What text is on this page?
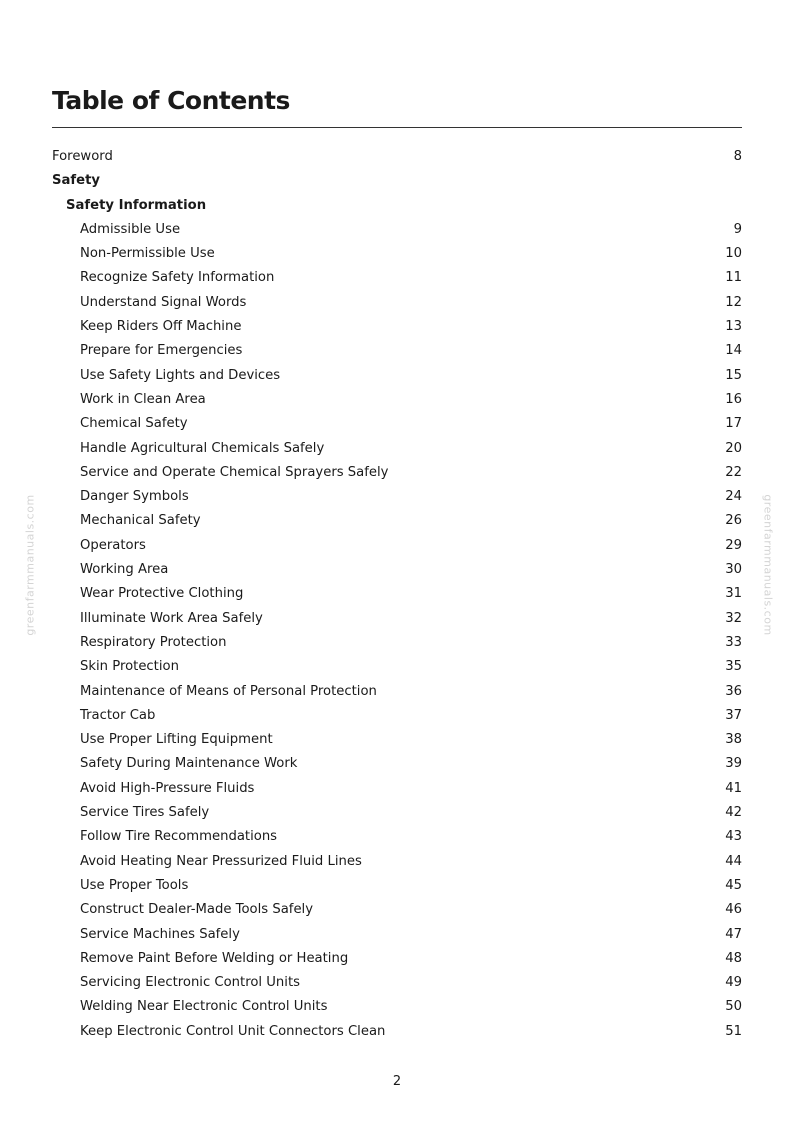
Table of Contents
Foreword	8
Safety
Safety Information
Admissible Use	9
Non-Permissible Use	10
Recognize Safety Information	11
Understand Signal Words	12
Keep Riders Off Machine	13
Prepare for Emergencies	14
Use Safety Lights and Devices	15
Work in Clean Area	16
Chemical Safety	17
Handle Agricultural Chemicals Safely	20
Service and Operate Chemical Sprayers Safely	22
Danger Symbols	24
Mechanical Safety	26
Operators	29
Working Area	30
Wear Protective Clothing	31
Illuminate Work Area Safely	32
Respiratory Protection	33
Skin Protection	35
Maintenance of Means of Personal Protection	36
Tractor Cab	37
Use Proper Lifting Equipment	38
Safety During Maintenance Work	39
Avoid High-Pressure Fluids	41
Service Tires Safely	42
Follow Tire Recommendations	43
Avoid Heating Near Pressurized Fluid Lines	44
Use Proper Tools	45
Construct Dealer-Made Tools Safely	46
Service Machines Safely	47
Remove Paint Before Welding or Heating	48
Servicing Electronic Control Units	49
Welding Near Electronic Control Units	50
Keep Electronic Control Unit Connectors Clean	51
greenfarmmanuals.com	greenfarmmanuals.com
2
